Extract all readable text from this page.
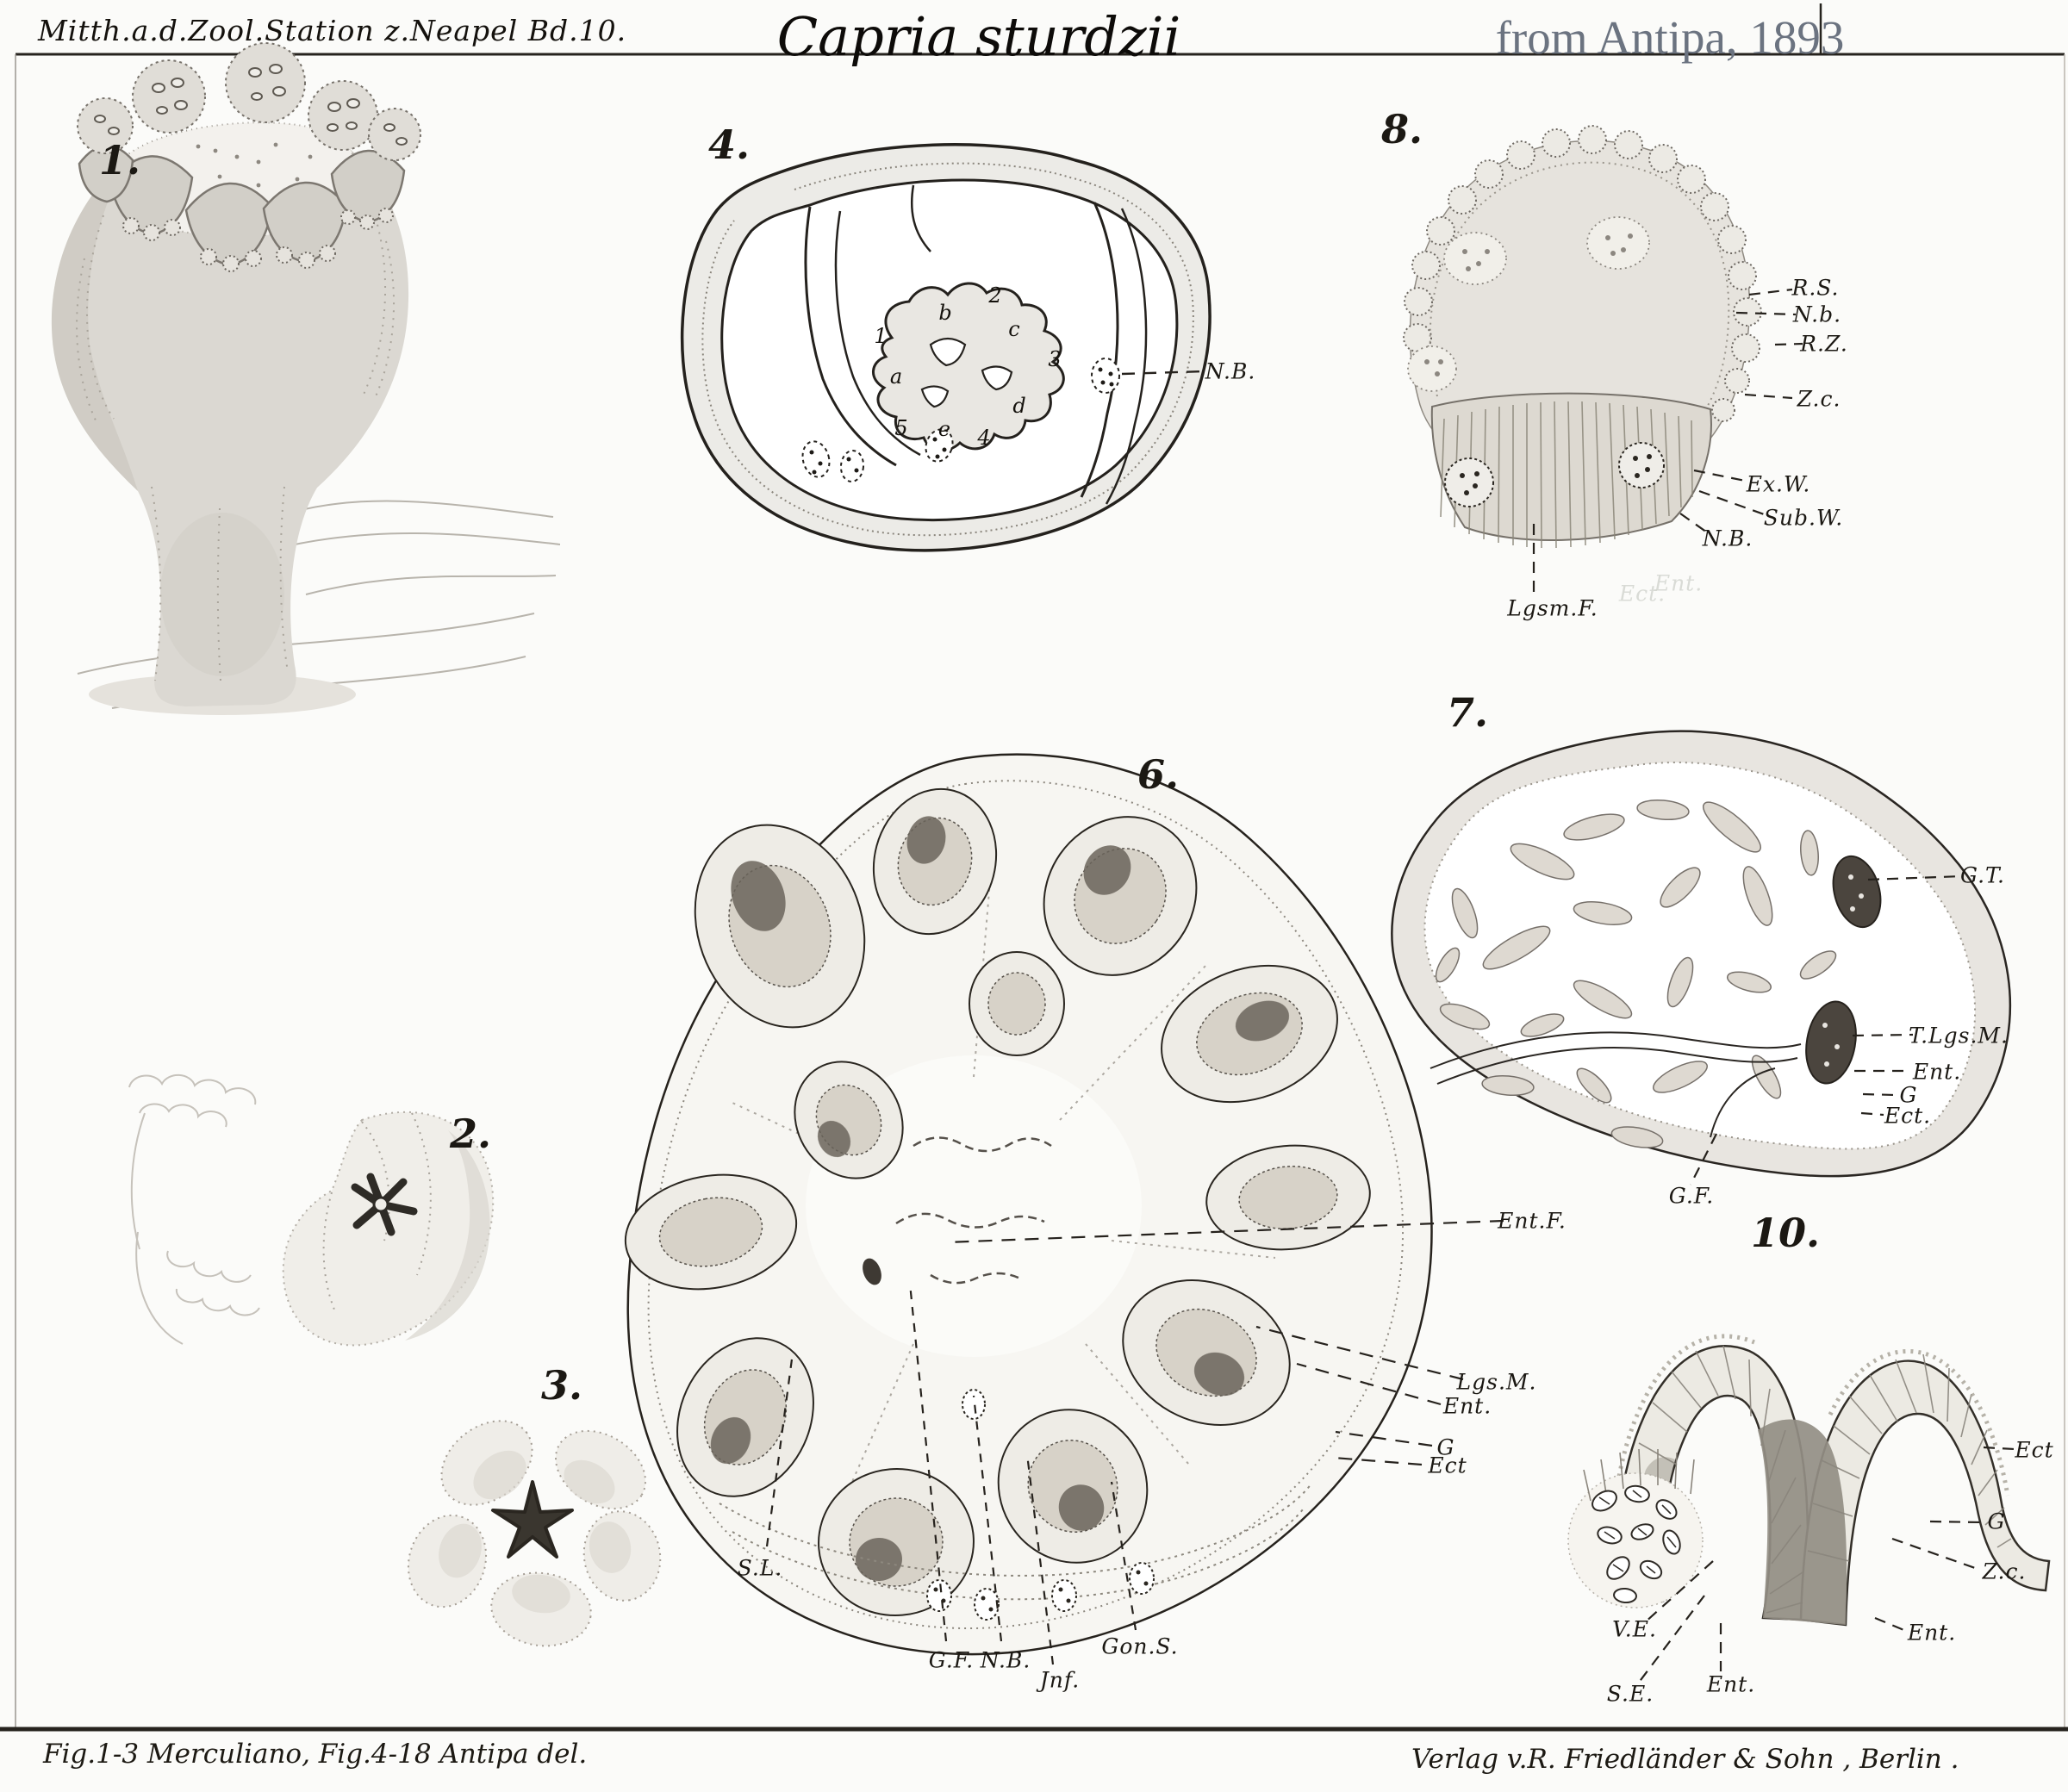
Mitth.a.d.Zool.Station z.Neapel Bd.10.	Capria sturdzii	from Antipa, 1893
1.
2.
3.
4.
6.
7.
8.
10.
1
2
3
4
5
a
b
c
d
e
N.B.
R.S.
N.b.
R.Z.
Z.c.
Ex.W.
Sub.W.
N.B.
Lgsm.F.
Ect.
Ent.
G.T.
T.Lgs.M.
Ent.
G
Ect.
G.F.
Ent.F.
Lgs.M.
Ent.
G
Ect
S.L.
G.F. N.B.
Jnf.
Gon.S.
Ect
G
Z.c.
Ent.
V.E.
S.E. Ent.
Fig.1-3 Merculiano, Fig.4-18 Antipa del.	Verlag v.R. Friedländer & Sohn , Berlin .
